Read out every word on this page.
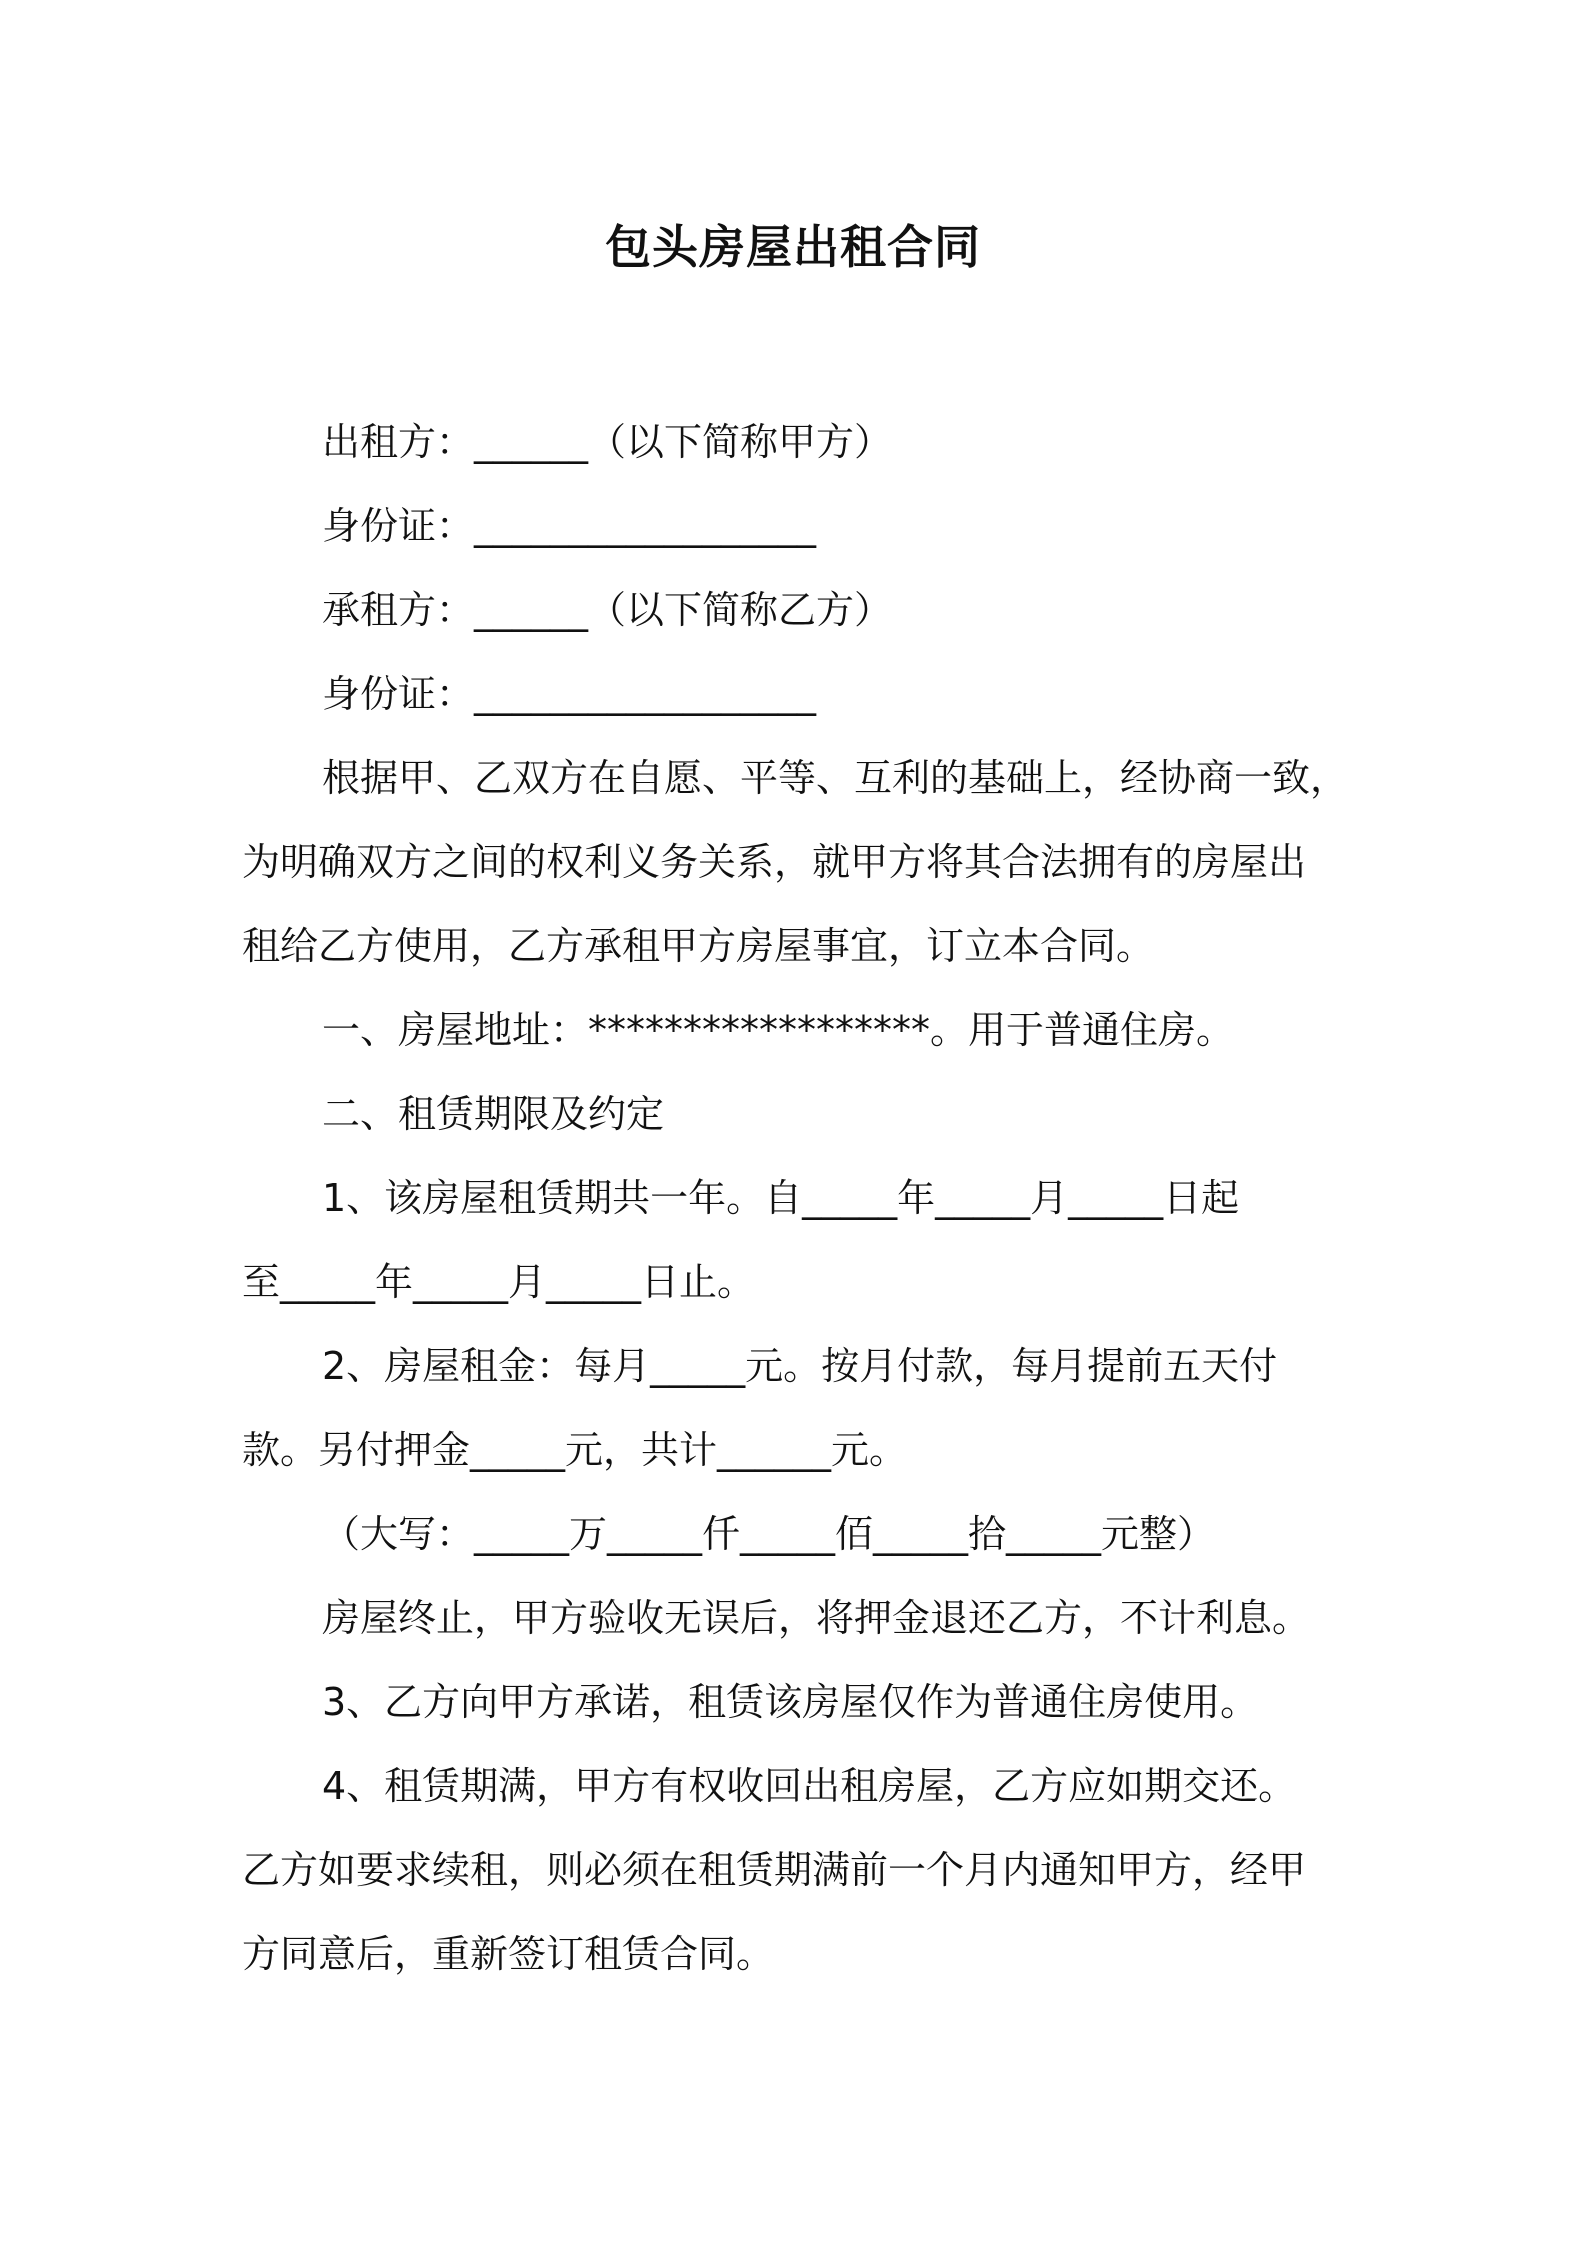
包头房屋出租合同
出租方：______（以下简称甲方）
身份证：__________________
承租方：______（以下简称乙方）
身份证：__________________
根据甲、乙双方在自愿、平等、互利的基础上，经协商一致，
为明确双方之间的权利义务关系，就甲方将其合法拥有的房屋出
租给乙方使用，乙方承租甲方房屋事宜，订立本合同。
一、房屋地址：******************。用于普通住房。
二、租赁期限及约定
1、该房屋租赁期共一年。自_____年_____月_____日起
至_____年_____月_____日止。
2、房屋租金：每月_____元。按月付款，每月提前五天付
款。另付押金_____元，共计______元。
（大写：_____万_____仟_____佰_____拾_____元整）
房屋终止，甲方验收无误后，将押金退还乙方，不计利息。
3、乙方向甲方承诺，租赁该房屋仅作为普通住房使用。
4、租赁期满，甲方有权收回出租房屋，乙方应如期交还。
乙方如要求续租，则必须在租赁期满前一个月内通知甲方，经甲
方同意后，重新签订租赁合同。
